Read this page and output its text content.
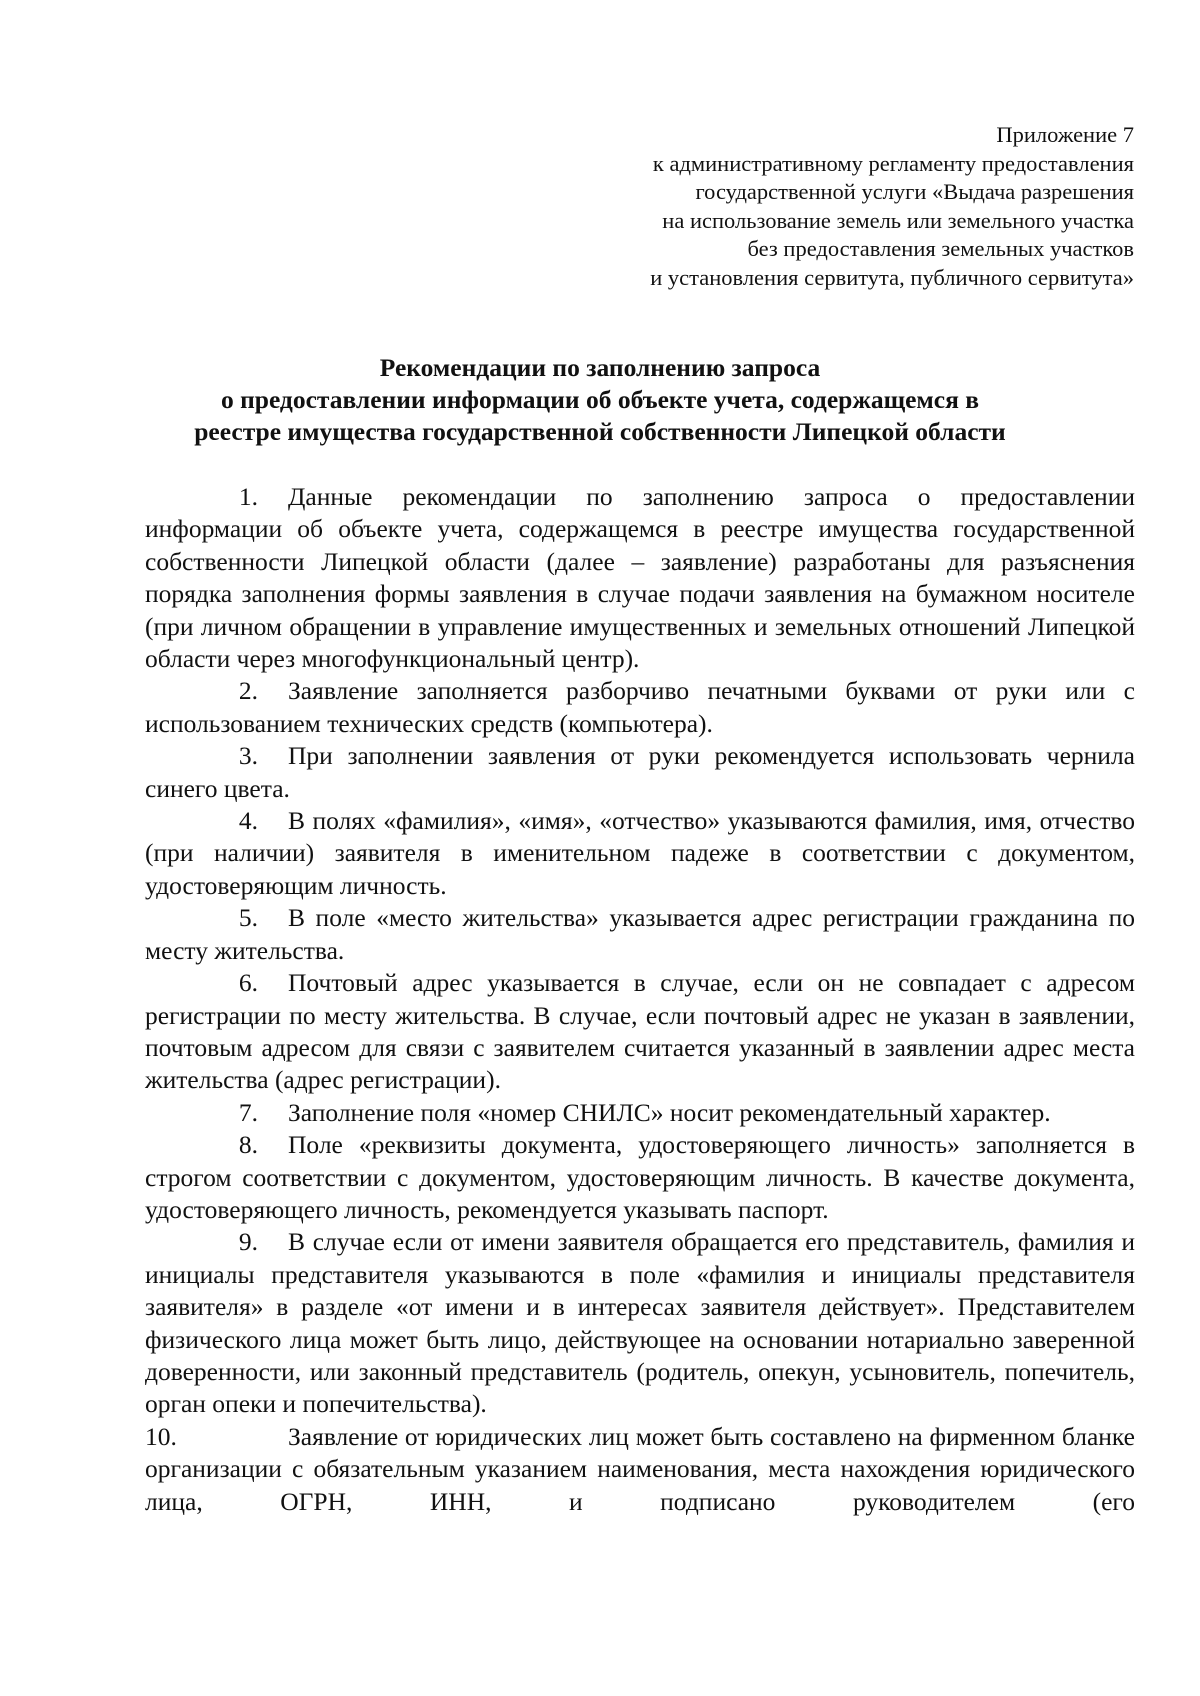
Приложение 7
к административному регламенту предоставления
государственной услуги «Выдача разрешения
на использование земель или земельного участка
без предоставления земельных участков
и установления сервитута, публичного сервитута»
Рекомендации по заполнению запроса
о предоставлении информации об объекте учета, содержащемся в
реестре имущества государственной собственности Липецкой области

1. Данные рекомендации по заполнению запроса о предоставлении информации об объекте учета, содержащемся в реестре имущества государственной собственности Липецкой области (далее – заявление) разработаны для разъяснения порядка заполнения формы заявления в случае подачи заявления на бумажном носителе (при личном обращении в управление имущественных и земельных отношений Липецкой области через многофункциональный центр).

2. Заявление заполняется разборчиво печатными буквами от руки или с использованием технических средств (компьютера).

3. При заполнении заявления от руки рекомендуется использовать чернила синего цвета.

4. В полях «фамилия», «имя», «отчество» указываются фамилия, имя, отчество (при наличии) заявителя в именительном падеже в соответствии с документом, удостоверяющим личность.

5. В поле «место жительства» указывается адрес регистрации гражданина по месту жительства.

6. Почтовый адрес указывается в случае, если он не совпадает с адресом регистрации по месту жительства. В случае, если почтовый адрес не указан в заявлении, почтовым адресом для связи с заявителем считается указанный в заявлении адрес места жительства (адрес регистрации).

7. Заполнение поля «номер СНИЛС» носит рекомендательный характер.

8. Поле «реквизиты документа, удостоверяющего личность» заполняется в строгом соответствии с документом, удостоверяющим личность. В качестве документа, удостоверяющего личность, рекомендуется указывать паспорт.

9. В случае если от имени заявителя обращается его представитель, фамилия и инициалы представителя указываются в поле «фамилия и инициалы представителя заявителя» в разделе «от имени и в интересах заявителя действует». Представителем физического лица может быть лицо, действующее на основании нотариально заверенной доверенности, или законный представитель (родитель, опекун, усыновитель, попечитель, орган опеки и попечительства).

10.	Заявление от юридических лиц может быть составлено на фирменном бланке организации с обязательным указанием наименования, места нахождения юридического лица, ОГРН, ИНН, и подписано руководителем (его
